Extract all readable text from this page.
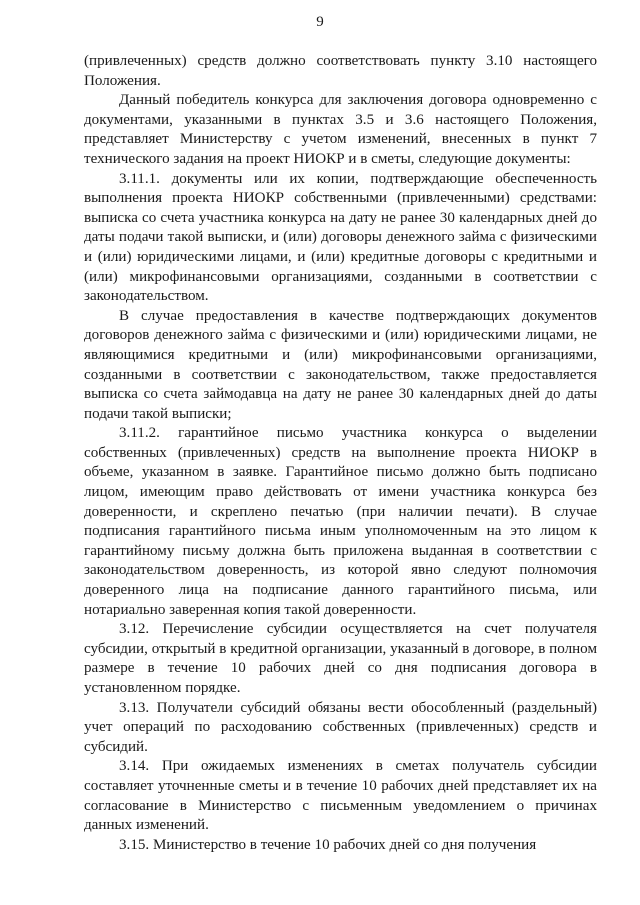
9

(привлеченных) средств должно соответствовать пункту 3.10 настоящего Положения.

Данный победитель конкурса для заключения договора одновременно с документами, указанными в пунктах 3.5 и 3.6 настоящего Положения, представляет Министерству с учетом изменений, внесенных в пункт 7 технического задания на проект НИОКР и в сметы, следующие документы:

3.11.1. документы или их копии, подтверждающие обеспеченность выполнения проекта НИОКР собственными (привлеченными) средствами: выписка со счета участника конкурса на дату не ранее 30 календарных дней до даты подачи такой выписки, и (или) договоры денежного займа с физическими и (или) юридическими лицами, и (или) кредитные договоры с кредитными и (или) микрофинансовыми организациями, созданными в соответствии с законодательством.

В случае предоставления в качестве подтверждающих документов договоров денежного займа с физическими и (или) юридическими лицами, не являющимися кредитными и (или) микрофинансовыми организациями, созданными в соответствии с законодательством, также предоставляется выписка со счета займодавца на дату не ранее 30 календарных дней до даты подачи такой выписки;

3.11.2. гарантийное письмо участника конкурса о выделении собственных (привлеченных) средств на выполнение проекта НИОКР в объеме, указанном в заявке. Гарантийное письмо должно быть подписано лицом, имеющим право действовать от имени участника конкурса без доверенности, и скреплено печатью (при наличии печати). В случае подписания гарантийного письма иным уполномоченным на это лицом к гарантийному письму должна быть приложена выданная в соответствии с законодательством доверенность, из которой явно следуют полномочия доверенного лица на подписание данного гарантийного письма, или нотариально заверенная копия такой доверенности.

3.12. Перечисление субсидии осуществляется на счет получателя субсидии, открытый в кредитной организации, указанный в договоре, в полном размере в течение 10 рабочих дней со дня подписания договора в установленном порядке.

3.13. Получатели субсидий обязаны вести обособленный (раздельный) учет операций по расходованию собственных (привлеченных) средств и субсидий.

3.14. При ожидаемых изменениях в сметах получатель субсидии составляет уточненные сметы и в течение 10 рабочих дней представляет их на согласование в Министерство с письменным уведомлением о причинах данных изменений.

3.15. Министерство в течение 10 рабочих дней со дня получения
